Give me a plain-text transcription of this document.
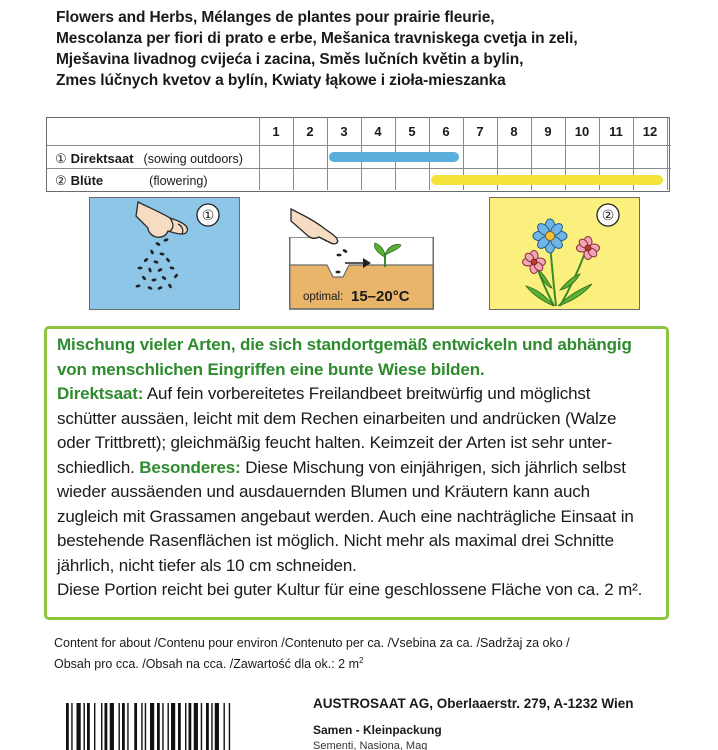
Flowers and Herbs, Mélanges de plantes pour prairie fleurie,
Mescolanza per fiori di prato e erbe, Mešanica travniskega cvetja in zeli,
Mješavina livadnog cvijeća i zacina, Směs lučních květin a bylin,
Zmes lúčnych kvetov a bylín, Kwiaty łąkowe i zioła-mieszanka
1	2	3	4	5	6	7	8	9	10	11	12
① Direktsaat (sowing outdoors)
② Blüte	(flowering)
①
optimal: 15–20°C
②

Mischung vieler Arten, die sich standortgemäß entwickeln und abhängig

von menschlichen Eingriffen eine bunte Wiese bilden.

Direktsaat: Auf fein vorbereitetes Freilandbeet breitwürfig und möglichst

schütter aussäen, leicht mit dem Rechen einarbeiten und andrücken (Walze

oder Trittbrett); gleichmäßig feucht halten. Keimzeit der Arten ist sehr unter-

schiedlich. Besonderes: Diese Mischung von einjährigen, sich jährlich selbst

wieder aussäenden und ausdauernden Blumen und Kräutern kann auch

zugleich mit Grassamen angebaut werden. Auch eine nachträgliche Einsaat in

bestehende Rasenflächen ist möglich. Nicht mehr als maximal drei Schnitte

jährlich, nicht tiefer als 10 cm schneiden.

Diese Portion reicht bei guter Kultur für eine geschlossene Fläche von ca. 2 m².

Content for about /Contenu pour environ /Contenuto per ca. /Vsebina za ca. /Sadržaj za oko /
Obsah pro cca. /Obsah na cca. /Zawartość dla ok.: 2 $m^2$
AUSTROSAAT AG, Oberlaaerstr. 279, A-1232 Wien
Samen - Kleinpackung
Sementi, Nasiona, Mag
